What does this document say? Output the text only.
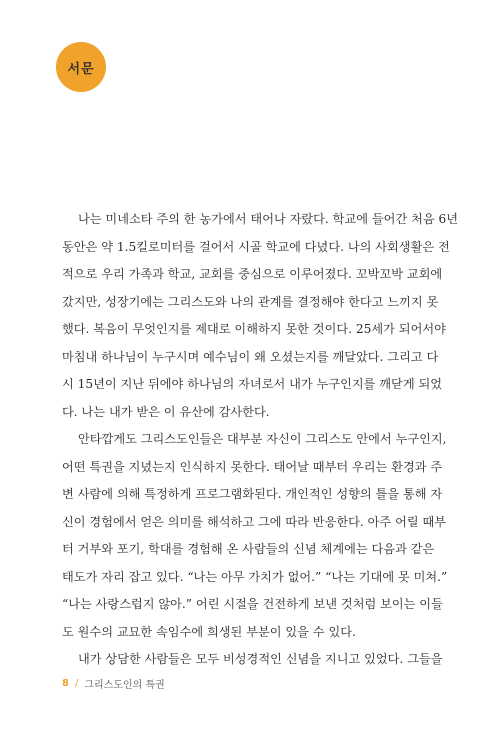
서문
나는 미네소타 주의 한 농가에서 태어나 자랐다. 학교에 들어간 처음 6년
동안은 약 1.5킬로미터를 걸어서 시골 학교에 다녔다. 나의 사회생활은 전
적으로 우리 가족과 학교, 교회를 중심으로 이루어졌다. 꼬박꼬박 교회에
갔지만, 성장기에는 그리스도와 나의 관계를 결정해야 한다고 느끼지 못
했다. 복음이 무엇인지를 제대로 이해하지 못한 것이다. 25세가 되어서야
마침내 하나님이 누구시며 예수님이 왜 오셨는지를 깨달았다. 그리고 다
시 15년이 지난 뒤에야 하나님의 자녀로서 내가 누구인지를 깨닫게 되었
다. 나는 내가 받은 이 유산에 감사한다.
안타깝게도 그리스도인들은 대부분 자신이 그리스도 안에서 누구인지,
어떤 특권을 지녔는지 인식하지 못한다. 태어날 때부터 우리는 환경과 주
변 사람에 의해 특정하게 프로그램화된다. 개인적인 성향의 틀을 통해 자
신이 경험에서 얻은 의미를 해석하고 그에 따라 반응한다. 아주 어릴 때부
터 거부와 포기, 학대를 경험해 온 사람들의 신념 체계에는 다음과 같은
태도가 자리 잡고 있다. “나는 아무 가치가 없어.” “나는 기대에 못 미쳐.”
“나는 사랑스럽지 않아.” 어린 시절을 건전하게 보낸 것처럼 보이는 이들
도 원수의 교묘한 속임수에 희생된 부분이 있을 수 있다.
내가 상담한 사람들은 모두 비성경적인 신념을 지니고 있었다. 그들을
8 / 그리스도인의 특권
